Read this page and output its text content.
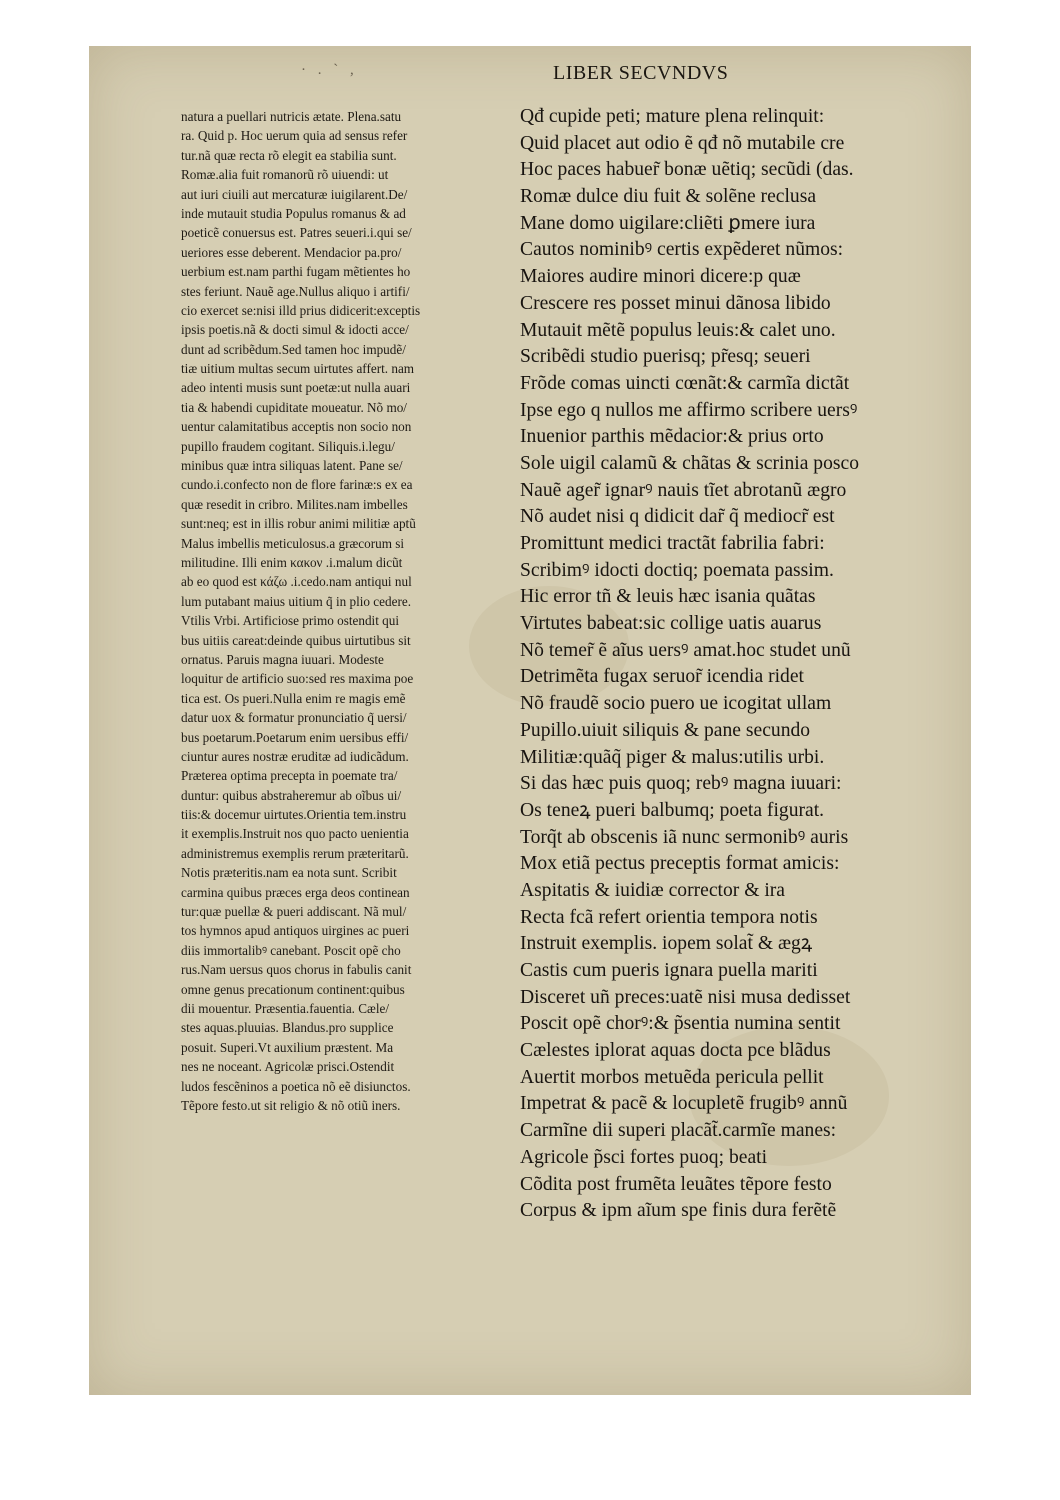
· . ` ,	LIBER SECVNDVS
natura a puellari nutricis ætate. Plena.satu
ra. Quid p. Hoc uerum quia ad sensus refer
tur.nã quæ recta rõ elegit ea stabilia sunt.
Romæ.alia fuit romanorũ rõ uiuendi: ut
aut iuri ciuili aut mercaturæ iuigilarent.De/
inde mutauit studia Populus romanus & ad
poeticẽ conuersus est. Patres seueri.i.qui se/
ueriores esse deberent. Mendacior pa.pro/
uerbium est.nam parthi fugam mẽtientes ho
stes feriunt. Nauẽ age.Nullus aliquo i artifi/
cio exercet se:nisi illd prius didicerit:exceptis
ipsis poetis.nã & docti simul & idocti acce/
dunt ad scribẽdum.Sed tamen hoc impudẽ/
tiæ uitium multas secum uirtutes affert. nam
adeo intenti musis sunt poetæ:ut nulla auari
tia & habendi cupiditate moueatur. Nõ mo/
uentur calamitatibus acceptis non socio non
pupillo fraudem cogitant. Siliquis.i.legu/
minibus quæ intra siliquas latent. Pane se/
cundo.i.confecto non de flore farinæ:s ex ea
quæ resedit in cribro. Milites.nam imbelles
sunt:neq; est in illis robur animi militiæ aptũ
Malus imbellis meticulosus.a græcorum si
militudine. Illi enim κακον .i.malum dicũt
ab eo quod est κάζω .i.cedo.nam antiqui nul
lum putabant maius uitium q̃ in plio cedere.
Vtilis Vrbi. Artificiose primo ostendit qui
bus uitiis careat:deinde quibus uirtutibus sit
ornatus. Paruis magna iuuari. Modeste
loquitur de artificio suo:sed res maxima poe
tica est. Os pueri.Nulla enim re magis emẽ
datur uox & formatur pronunciatio q̃ uersi/
bus poetarum.Poetarum enim uersibus effi/
ciuntur aures nostræ eruditæ ad iudicãdum.
Præterea optima precepta in poemate tra/
duntur: quibus abstraheremur ab oĩbus ui/
tiis:& docemur uirtutes.Orientia tem.instru
it exemplis.Instruit nos quo pacto uenientia
administremus exemplis rerum præteritarũ.
Notis præteritis.nam ea nota sunt. Scribit
carmina quibus præces erga deos continean
tur:quæ puellæ & pueri addiscant. Nã mul/
tos hymnos apud antiquos uirgines ac pueri
diis immortalibꝰ canebant. Poscit opẽ cho
rus.Nam uersus quos chorus in fabulis canit
omne genus precationum continent:quibus
dii mouentur. Præsentia.fauentia. Cæle/
stes aquas.pluuias. Blandus.pro supplice
posuit. Superi.Vt auxilium præstent. Ma
nes ne noceant. Agricolæ prisci.Ostendit
ludos fescẽninos a poetica nõ eẽ disiunctos.
Tẽpore festo.ut sit religio & nõ otiũ iners.
Qđ cupide peti; mature plena relinquit:
Quid placet aut odio ẽ qđ nõ mutabile cre
Hoc paces habuer̃ bonæ uẽtiq; secũdi (das.
Romæ dulce diu fuit & solẽne reclusa
Mane domo uigilare:cliẽti ꝑmere iura
Cautos nominibꝰ certis expẽderet nũmos:
Maiores audire minori dicere:p quæ
Crescere res posset minui dãnosa libido
Mutauit mẽtẽ populus leuis:& calet uno.
Scribẽdi studio puerisq; pr̃esq; seueri
Frõde comas uincti cœnãt:& carmĩa dictãt
Ipse ego q nullos me affirmo scribere uersꝰ
Inuenior parthis mẽdacior:& prius orto
Sole uigil calamũ & chãtas & scrinia posco
Nauẽ ager̃ ignarꝰ nauis tĩet abrotanũ ægro
Nõ audet nisi q didicit dar̃ q̃ mediocr̃ est
Promittunt medici tractãt fabrilia fabri:
Scribimꝰ idocti doctiq; poemata passim.
Hic error tñ & leuis hæc isania quãtas
Virtutes babeat:sic collige uatis auarus
Nõ temer̃ ẽ aĩus uersꝰ amat.hoc studet unũ
Detrimẽta fugax seruor̃ icendia ridet
Nõ fraudẽ socio puero ue icogitat ullam
Pupillo.uiuit siliquis & pane secundo
Militiæ:quãq̃ piger & malus:utilis urbi.
Si das hæc puis quoq; rebꝰ magna iuuari:
Os teneꝝ pueri balbumq; poeta figurat.
Torq̃t ab obscenis iã nunc sermonibꝰ auris
Mox etiã pectus preceptis format amicis:
Aspitatis & iuidiæ corrector & ira
Recta fcã refert orientia tempora notis
Instruit exemplis. iopem solat̃ & ægꝝ
Castis cum pueris ignara puella mariti
Disceret uñ preces:uatẽ nisi musa dedisset
Poscit opẽ chorꝰ:& p̃sentia numina sentit
Cælestes iplorat aquas docta pce blãdus
Auertit morbos metuẽda pericula pellit
Impetrat & pacẽ & locupletẽ frugibꝰ annũ
Carmĩne dii superi placãt̃.carmĩe manes:
Agricole p̃sci fortes puoq; beati
Cõdita post frumẽta leuãtes tẽpore festo
Corpus & ipm aĩum spe finis dura ferẽtẽ
